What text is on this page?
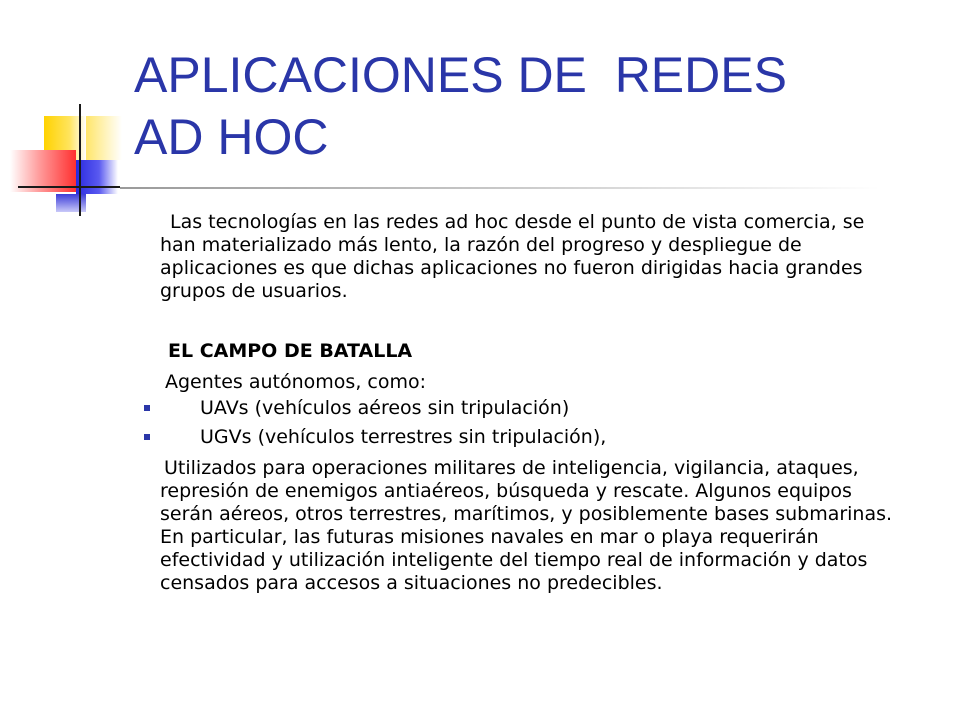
APLICACIONES DE  REDES
AD HOC
Las tecnologías en las redes ad hoc desde el punto de vista comercia, se han materializado más lento, la razón del progreso y despliegue de aplicaciones es que dichas aplicaciones no fueron dirigidas hacia grandes grupos de usuarios.
EL CAMPO DE BATALLA
Agentes autónomos, como:
UAVs (vehículos aéreos sin tripulación)
UGVs (vehículos terrestres sin tripulación),
Utilizados para operaciones militares de inteligencia, vigilancia, ataques, represión de enemigos antiaéreos, búsqueda y rescate. Algunos equipos serán aéreos, otros terrestres, marítimos, y posiblemente bases submarinas. En particular, las futuras misiones navales en mar o playa requerirán efectividad y utilización inteligente del tiempo real de información y datos censados para accesos a situaciones no predecibles.
